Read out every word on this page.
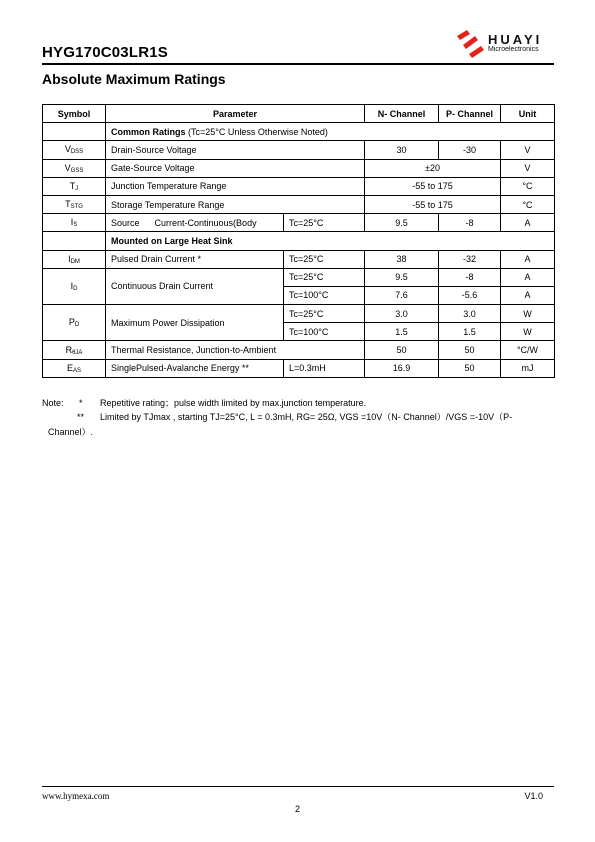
HYG170C03LR1S
HUAYI
Microelectronics
Absolute Maximum Ratings
Symbol	Parameter		N- Channel	P- Channel	Unit
	Common Ratings (Tc=25°C Unless Otherwise Noted)				
$V_{DSS}$	Drain-Source Voltage		30	-30	V
$V_{GSS}$	Gate-Source Voltage		±20		V
$T_J$	Junction Temperature Range		-55 to 175		°C
$T_{STG}$	Storage Temperature Range		-55 to 175		°C
$I_S$	Source      Current-Continuous(Body	Tc=25°C	9.5	-8	A
	Mounted on Large Heat Sink				
$I_{DM}$	Pulsed Drain Current *	Tc=25°C	38	-32	A
$I_D$	Continuous Drain Current	Tc=25°C	9.5	-8	A
		Tc=100°C	7.6	-5.6	A
$P_D$	Maximum Power Dissipation	Tc=25°C	3.0	3.0	W
		Tc=100°C	1.5	1.5	W
$R_{\theta JA}$	Thermal Resistance, Junction-to-Ambient		50	50	°C/W
$E_{AS}$	SinglePulsed-Avalanche Energy **	L=0.3mH	16.9	50	mJ
Note: * Repetitive rating；pulse width limited by max.junction temperature.
** Limited by TJmax , starting TJ=25°C, L = 0.3mH, RG= 25Ω, VGS =10V（N- Channel）/VGS =-10V（P-
Channel）.
www.hymexa.com	V1.0
2
